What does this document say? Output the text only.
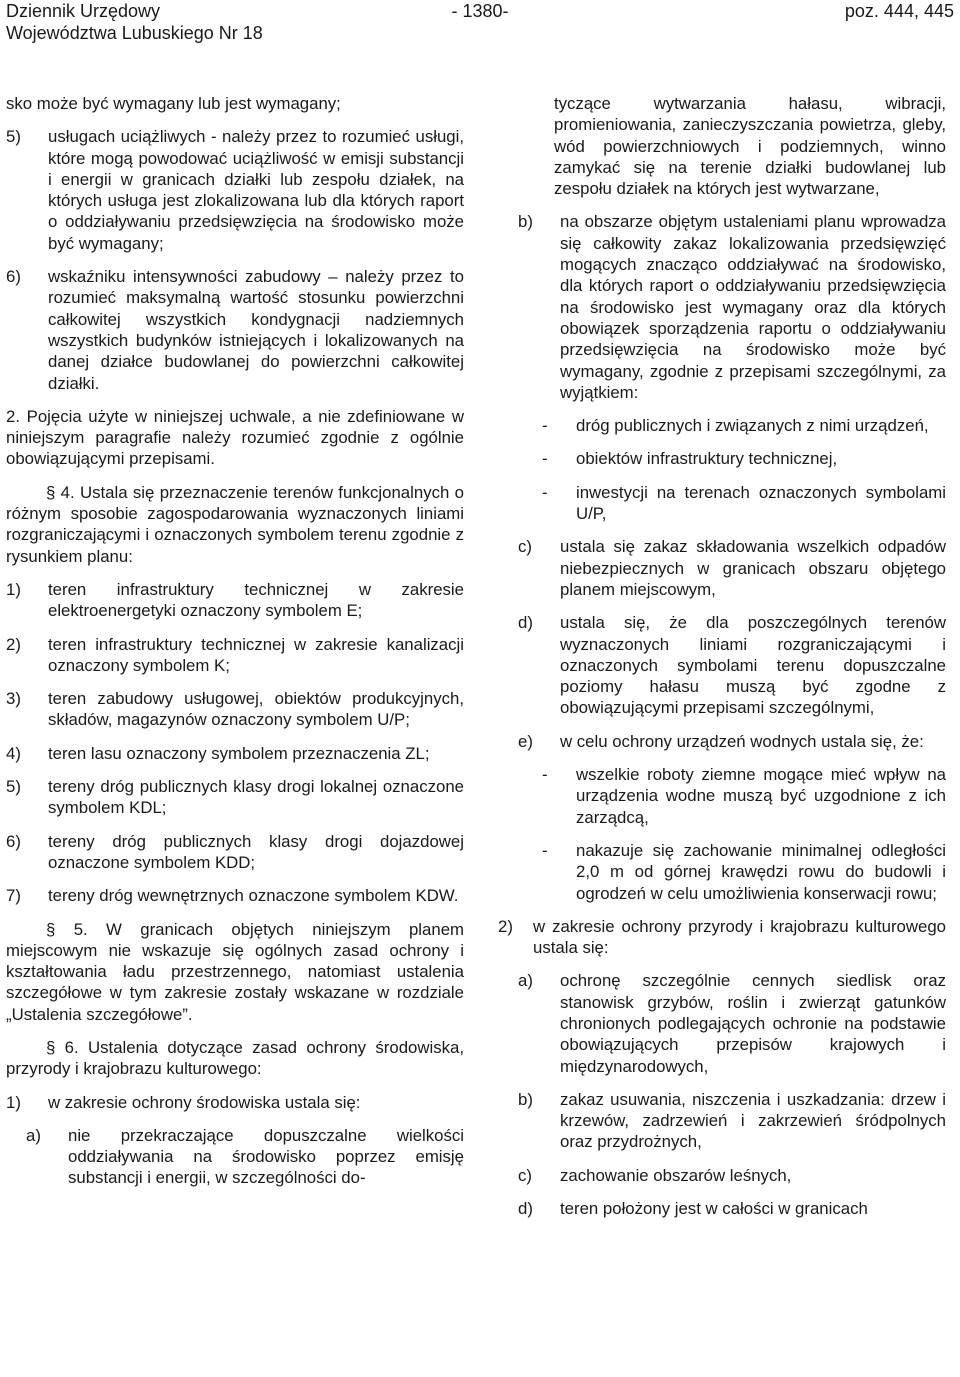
Dziennik Urzędowy
Województwa Lubuskiego Nr 18
- 1380-	poz. 444, 445

sko może być wymagany lub jest wymagany;

5)	usługach uciążliwych - należy przez to rozumieć usługi, które mogą powodować uciążliwość w emisji substancji i energii w granicach działki lub zespołu działek, na których usługa jest zlokalizowana lub dla których raport o oddziaływaniu przedsięwzięcia na środowisko może być wymagany;
6)	wskaźniku intensywności zabudowy – należy przez to rozumieć maksymalną wartość stosunku powierzchni całkowitej wszystkich kondygnacji nadziemnych wszystkich budynków istniejących i lokalizowanych na danej działce budowlanej do powierzchni całkowitej działki.

2. Pojęcia użyte w niniejszej uchwale, a nie zdefiniowane w niniejszym paragrafie należy rozumieć zgodnie z ogólnie obowiązującymi przepisami.

§ 4. Ustala się przeznaczenie terenów funkcjonalnych o różnym sposobie zagospodarowania wyznaczonych liniami rozgraniczającymi i oznaczonych symbolem terenu zgodnie z rysunkiem planu:

1)	teren infrastruktury technicznej w zakresie elektroenergetyki oznaczony symbolem E;
2)	teren infrastruktury technicznej w zakresie kanalizacji oznaczony symbolem K;
3)	teren zabudowy usługowej, obiektów produkcyjnych, składów, magazynów oznaczony symbolem U/P;
4)	teren lasu oznaczony symbolem przeznaczenia ZL;
5)	tereny dróg publicznych klasy drogi lokalnej oznaczone symbolem KDL;
6)	tereny dróg publicznych klasy drogi dojazdowej oznaczone symbolem KDD;
7)	tereny dróg wewnętrznych oznaczone symbolem KDW.

§ 5. W granicach objętych niniejszym planem miejscowym nie wskazuje się ogólnych zasad ochrony i kształtowania ładu przestrzennego, natomiast ustalenia szczegółowe w tym zakresie zostały wskazane w rozdziale „Ustalenia szczegółowe”.

§ 6. Ustalenia dotyczące zasad ochrony środowiska, przyrody i krajobrazu kulturowego:

1)	w zakresie ochrony środowiska ustala się:
a)	nie przekraczające dopuszczalne wielkości oddziaływania na środowisko poprzez emisję substancji i energii, w szczególności do-

tyczące wytwarzania hałasu, wibracji, promieniowania, zanieczyszczania powietrza, gleby, wód powierzchniowych i podziemnych, winno zamykać się na terenie działki budowlanej lub zespołu działek na których jest wytwarzane,

b)	na obszarze objętym ustaleniami planu wprowadza się całkowity zakaz lokalizowania przedsięwzięć mogących znacząco oddziaływać na środowisko, dla których raport o oddziaływaniu przedsięwzięcia na środowisko jest wymagany oraz dla których obowiązek sporządzenia raportu o oddziaływaniu przedsięwzięcia na środowisko może być wymagany, zgodnie z przepisami szczególnymi, za wyjątkiem:
-	dróg publicznych i związanych z nimi urządzeń,
-	obiektów infrastruktury technicznej,
-	inwestycji na terenach oznaczonych symbolami U/P,
c)	ustala się zakaz składowania wszelkich odpadów niebezpiecznych w granicach obszaru objętego planem miejscowym,
d)	ustala się, że dla poszczególnych terenów wyznaczonych liniami rozgraniczającymi i oznaczonych symbolami terenu dopuszczalne poziomy hałasu muszą być zgodne z obowiązującymi przepisami szczególnymi,
e)	w celu ochrony urządzeń wodnych ustala się, że:
-	wszelkie roboty ziemne mogące mieć wpływ na urządzenia wodne muszą być uzgodnione z ich zarządcą,
-	nakazuje się zachowanie minimalnej odległości 2,0 m od górnej krawędzi rowu do budowli i ogrodzeń w celu umożliwienia konserwacji rowu;
2)	w zakresie ochrony przyrody i krajobrazu kulturowego ustala się:
a)	ochronę szczególnie cennych siedlisk oraz stanowisk grzybów, roślin i zwierząt gatunków chronionych podlegających ochronie na podstawie obowiązujących przepisów krajowych i międzynarodowych,
b)	zakaz usuwania, niszczenia i uszkadzania: drzew i krzewów, zadrzewień i zakrzewień śródpolnych oraz przydrożnych,
c)	zachowanie obszarów leśnych,
d)	teren położony jest w całości w granicach
